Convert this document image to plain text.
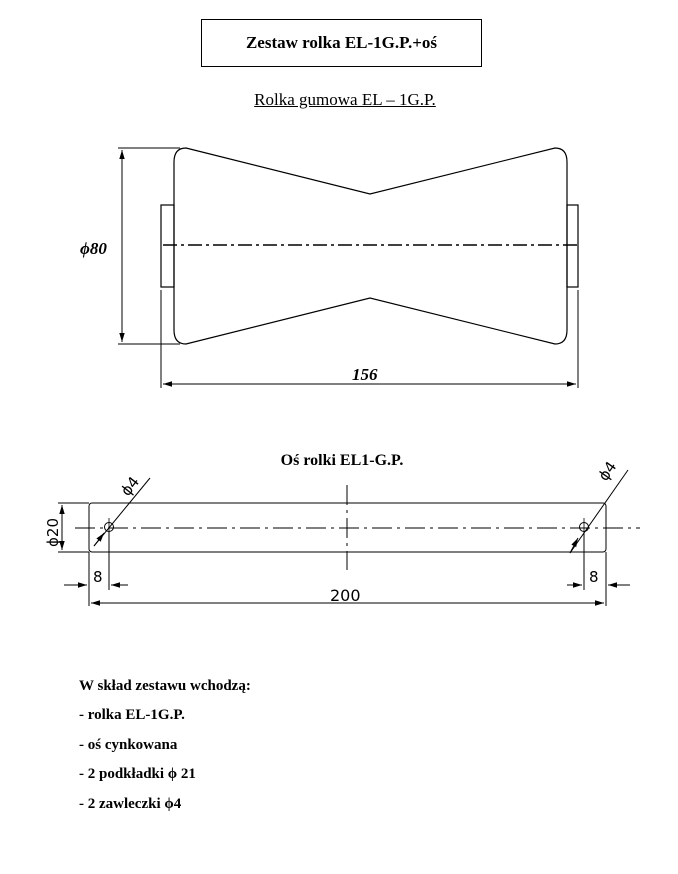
Zestaw rolka EL-1G.P.+oś
Rolka gumowa EL – 1G.P.
ϕ80
156
ϕ20
ϕ4
ϕ4
8	8
200
Oś rolki EL1-G.P.
W skład zestawu wchodzą:
- rolka EL-1G.P.
- oś cynkowana
- 2 podkładki ϕ 21
- 2 zawleczki ϕ4
